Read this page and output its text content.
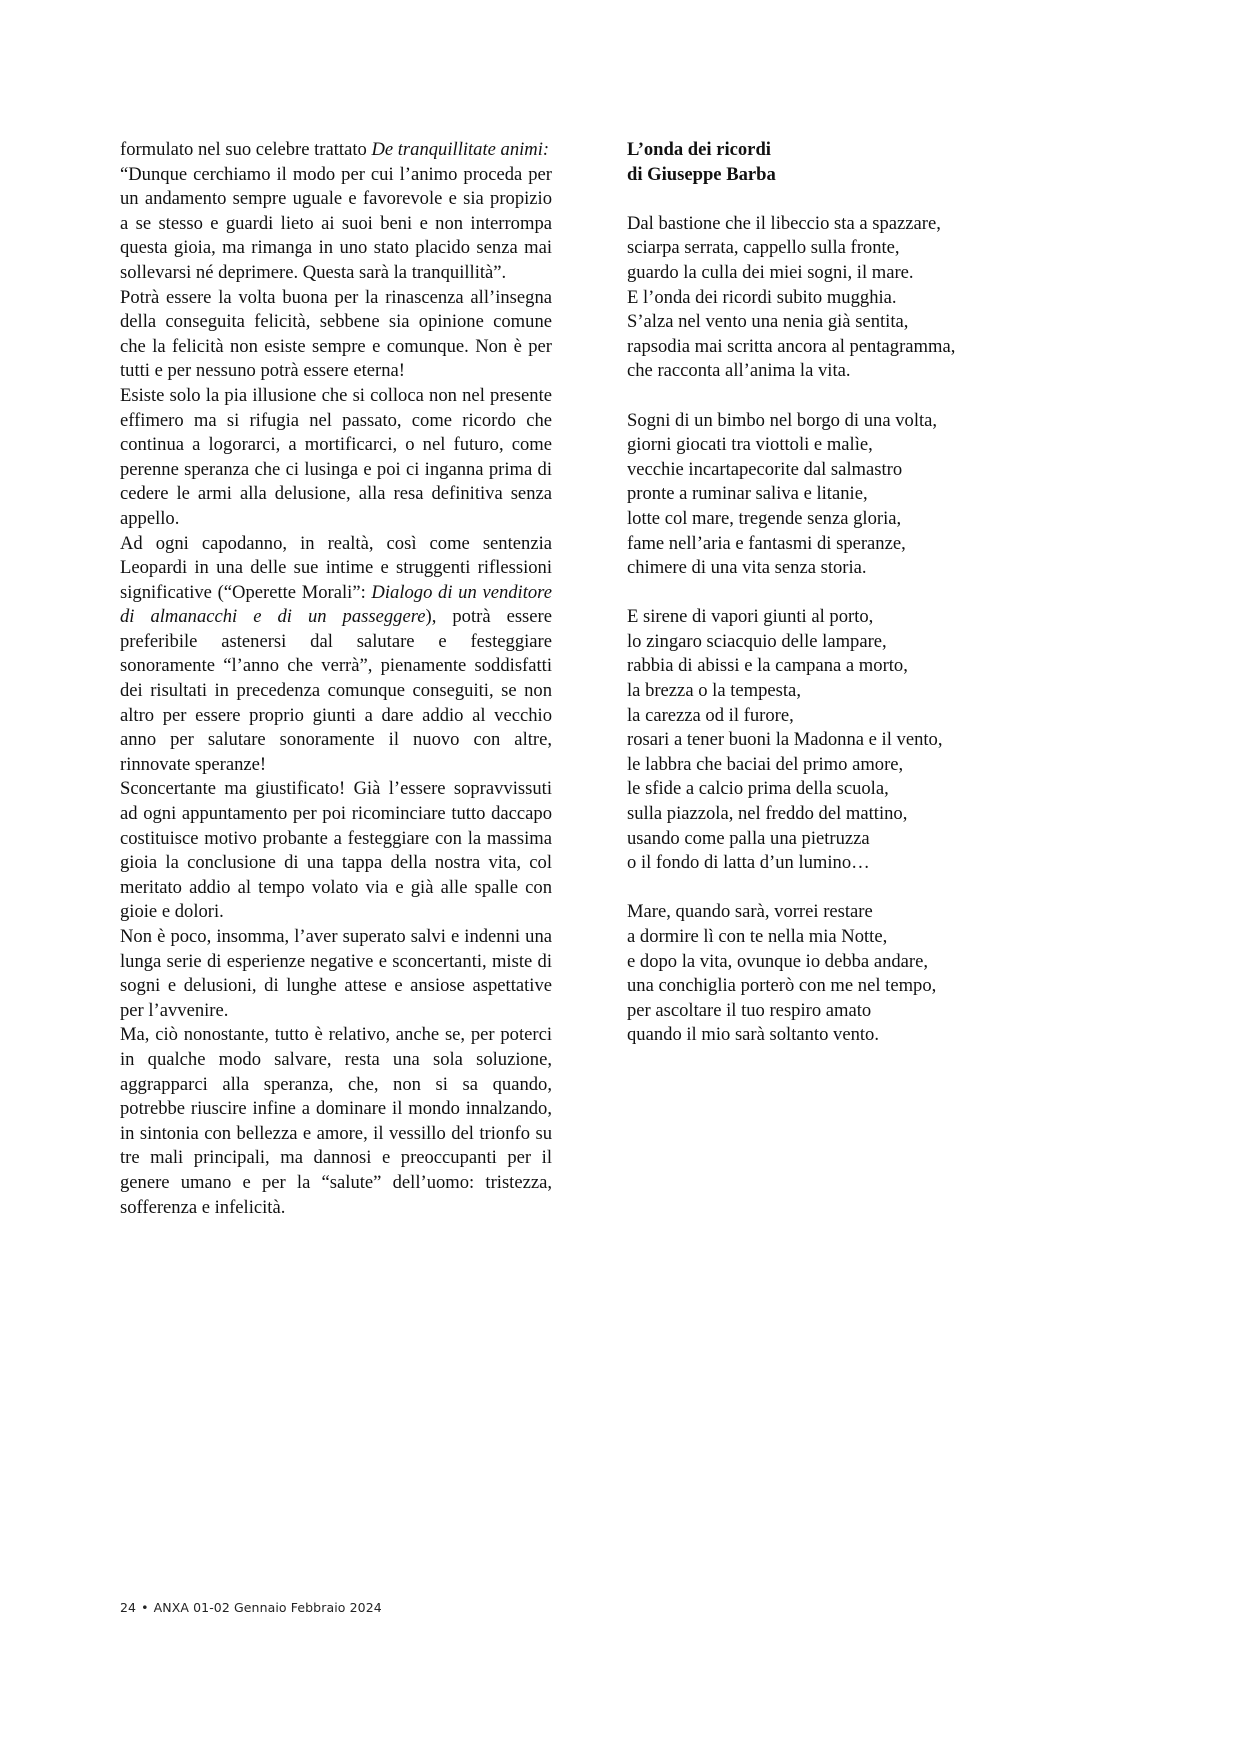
formulato nel suo celebre trattato De tranquillitate animi:

“Dunque cerchiamo il modo per cui l’animo proceda per un andamento sempre uguale e favorevole e sia propizio a se stesso e guardi lieto ai suoi beni e non interrompa questa gioia, ma rimanga in uno stato placido senza mai sollevarsi né deprimere. Questa sarà la tranquillità”.

Potrà essere la volta buona per la rinascenza all’insegna della conseguita felicità, sebbene sia opinione comune che la felicità non esiste sempre e comunque. Non è per tutti e per nessuno potrà essere eterna!

Esiste solo la pia illusione che si colloca non nel presente effimero ma si rifugia nel passato, come ricordo che continua a logorarci, a mortificarci, o nel futuro, come perenne speranza che ci lusinga e poi ci inganna prima di cedere le armi alla delusione, alla resa definitiva senza appello.

Ad ogni capodanno, in realtà, così come sentenzia Leopardi in una delle sue intime e struggenti riflessioni significative (“Operette Morali”: Dialogo di un venditore di almanacchi e di un passeggere), potrà essere preferibile astenersi dal salutare e festeggiare sonoramente “l’anno che verrà”, pienamente soddisfatti dei risultati in precedenza comunque conseguiti, se non altro per essere proprio giunti a dare addio al vecchio anno per salutare sonoramente il nuovo con altre, rinnovate speranze!

Sconcertante ma giustificato! Già l’essere sopravvissuti ad ogni appuntamento per poi ricominciare tutto daccapo costituisce motivo probante a festeggiare con la massima gioia la conclusione di una tappa della nostra vita, col meritato addio al tempo volato via e già alle spalle con gioie e dolori.

Non è poco, insomma, l’aver superato salvi e indenni una lunga serie di esperienze negative e sconcertanti, miste di sogni e delusioni, di lunghe attese e ansiose aspettative per l’avvenire.

Ma, ciò nonostante, tutto è relativo, anche se, per poterci in qualche modo salvare, resta una sola soluzione, aggrapparci alla speranza, che, non si sa quando, potrebbe riuscire infine a dominare il mondo innalzando, in sintonia con bellezza e amore, il vessillo del trionfo su tre mali principali, ma dannosi e preoccupanti per il genere umano e per la “salute” dell’uomo: tristezza, sofferenza e infelicità.

L’onda dei ricordi

di Giuseppe Barba

Dal bastione che il libeccio sta a spazzare,
sciarpa serrata, cappello sulla fronte,
guardo la culla dei miei sogni, il mare.
E l’onda dei ricordi subito mugghia.
S’alza nel vento una nenia già sentita,
rapsodia mai scritta ancora al pentagramma,
che racconta all’anima la vita.
Sogni di un bimbo nel borgo di una volta,
giorni giocati tra viottoli e malìe,
vecchie incartapecorite dal salmastro
pronte a ruminar saliva e litanie,
lotte col mare, tregende senza gloria,
fame nell’aria e fantasmi di speranze,
chimere di una vita senza storia.
E sirene di vapori giunti al porto,
lo zingaro sciacquio delle lampare,
rabbia di abissi e la campana a morto,
la brezza o la tempesta,
la carezza od il furore,
rosari a tener buoni la Madonna e il vento,
le labbra che baciai del primo amore,
le sfide a calcio prima della scuola,
sulla piazzola, nel freddo del mattino,
usando come palla una pietruzza
o il fondo di latta d’un lumino…
Mare, quando sarà, vorrei restare
a dormire lì con te nella mia Notte,
e dopo la vita, ovunque io debba andare,
una conchiglia porterò con me nel tempo,
per ascoltare il tuo respiro amato
quando il mio sarà soltanto vento.
24 • ANXA 01-02 Gennaio Febbraio 2024
